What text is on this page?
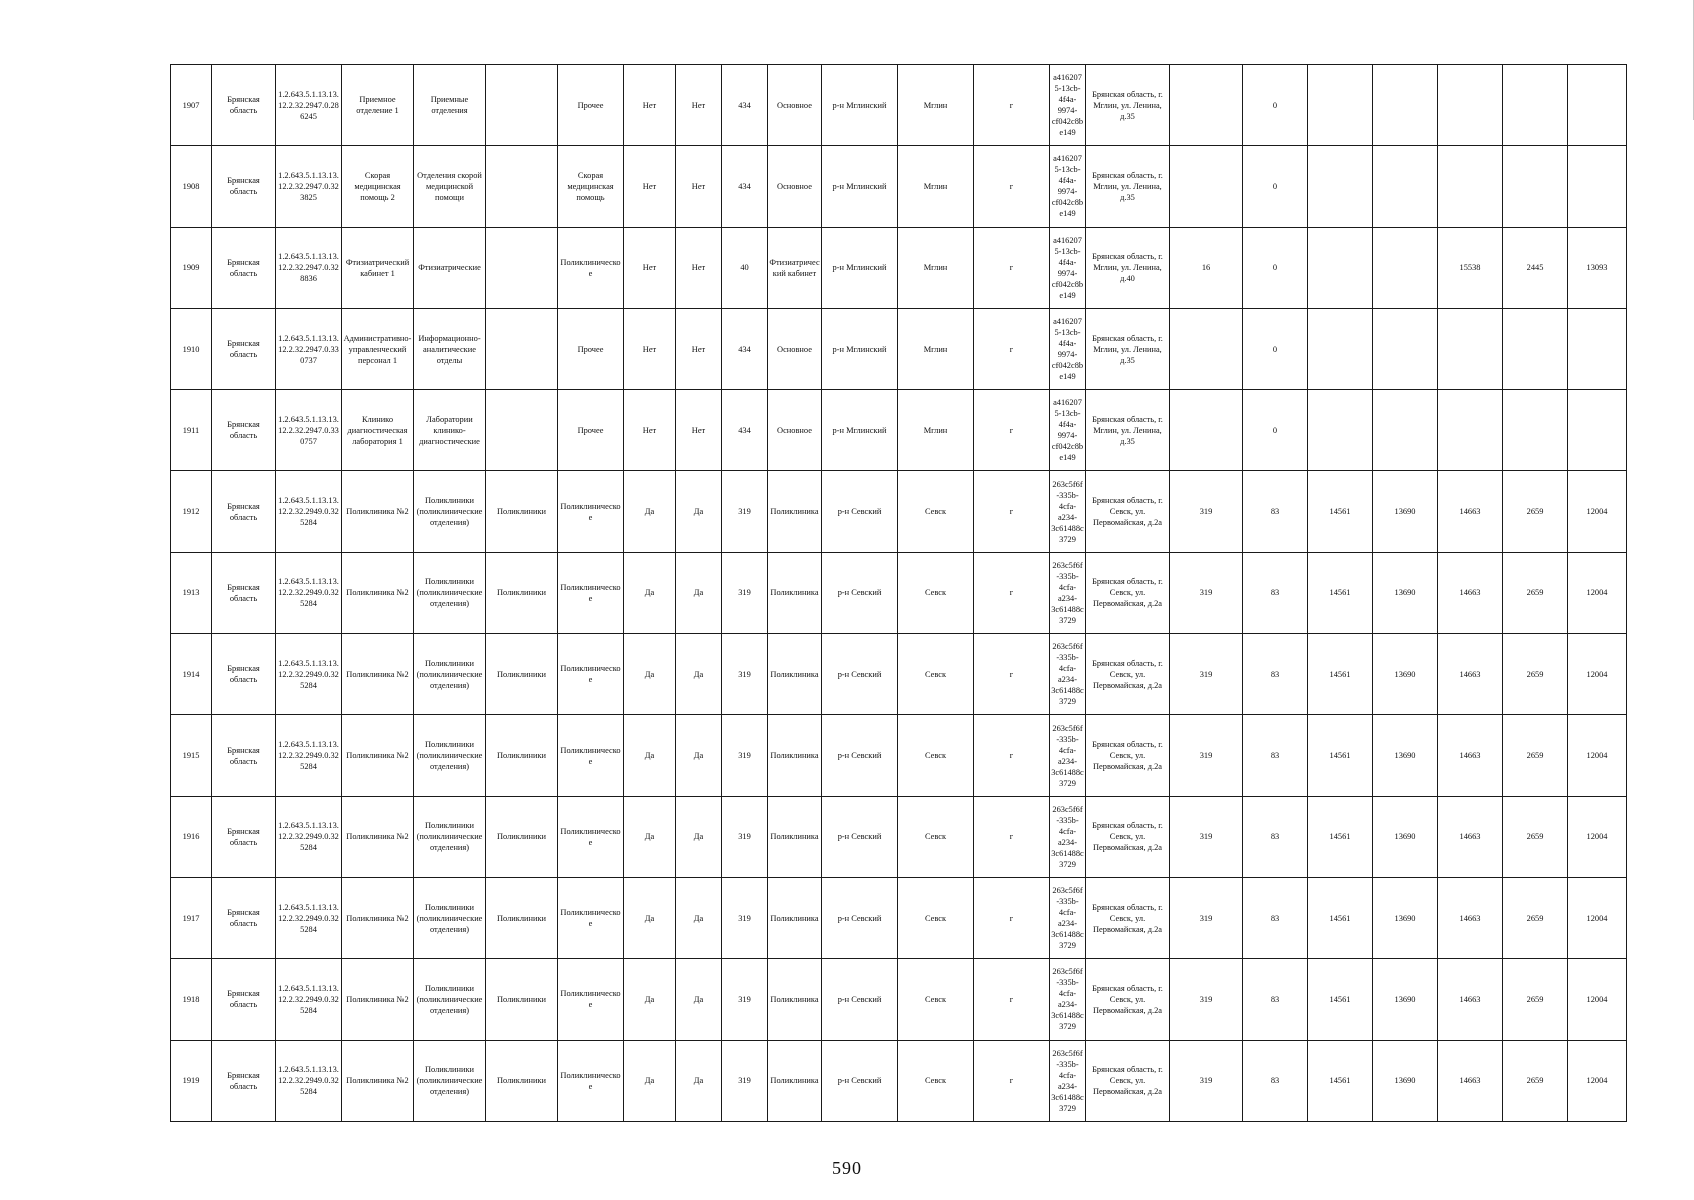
1907	Брянская область	1.2.643.5.1.13.13.12.2.32.2947.0.286245	Приемное отделение 1	Приемные отделения		Прочее	Нет	Нет	434	Основное	р-н Мглинский	Мглин	г	a4162075-13cb-4f4a-9974-cf042c8be149	Брянская область, г. Мглин, ул. Ленина, д.35		0					
1908	Брянская область	1.2.643.5.1.13.13.12.2.32.2947.0.323825	Скорая медицинская помощь 2	Отделения скорой медицинской помощи		Скорая медицинская помощь	Нет	Нет	434	Основное	р-н Мглинский	Мглин	г	a4162075-13cb-4f4a-9974-cf042c8be149	Брянская область, г. Мглин, ул. Ленина, д.35		0					
1909	Брянская область	1.2.643.5.1.13.13.12.2.32.2947.0.328836	Фтизиатрический кабинет 1	Фтизиатрические		Поликлиническое	Нет	Нет	40	Фтизиатрический кабинет	р-н Мглинский	Мглин	г	a4162075-13cb-4f4a-9974-cf042c8be149	Брянская область, г. Мглин, ул. Ленина, д.40	16	0			15538	2445	13093
1910	Брянская область	1.2.643.5.1.13.13.12.2.32.2947.0.330737	Административно-управленческий персонал 1	Информационно-аналитические отделы		Прочее	Нет	Нет	434	Основное	р-н Мглинский	Мглин	г	a4162075-13cb-4f4a-9974-cf042c8be149	Брянская область, г. Мглин, ул. Ленина, д.35		0					
1911	Брянская область	1.2.643.5.1.13.13.12.2.32.2947.0.330757	Клинико диагностическая лаборатория 1	Лаборатории клинико-диагностические		Прочее	Нет	Нет	434	Основное	р-н Мглинский	Мглин	г	a4162075-13cb-4f4a-9974-cf042c8be149	Брянская область, г. Мглин, ул. Ленина, д.35		0					
1912	Брянская область	1.2.643.5.1.13.13.12.2.32.2949.0.325284	Поликлиника №2	Поликлиники (поликлинические отделения)	Поликлиники	Поликлиническое	Да	Да	319	Поликлиника	р-н Севский	Севск	г	263c5f6f-335b-4cfa-a234-3c61488c3729	Брянская область, г. Севск, ул. Первомайская, д.2а	319	83	14561	13690	14663	2659	12004
1913	Брянская область	1.2.643.5.1.13.13.12.2.32.2949.0.325284	Поликлиника №2	Поликлиники (поликлинические отделения)	Поликлиники	Поликлиническое	Да	Да	319	Поликлиника	р-н Севский	Севск	г	263c5f6f-335b-4cfa-a234-3c61488c3729	Брянская область, г. Севск, ул. Первомайская, д.2а	319	83	14561	13690	14663	2659	12004
1914	Брянская область	1.2.643.5.1.13.13.12.2.32.2949.0.325284	Поликлиника №2	Поликлиники (поликлинические отделения)	Поликлиники	Поликлиническое	Да	Да	319	Поликлиника	р-н Севский	Севск	г	263c5f6f-335b-4cfa-a234-3c61488c3729	Брянская область, г. Севск, ул. Первомайская, д.2а	319	83	14561	13690	14663	2659	12004
1915	Брянская область	1.2.643.5.1.13.13.12.2.32.2949.0.325284	Поликлиника №2	Поликлиники (поликлинические отделения)	Поликлиники	Поликлиническое	Да	Да	319	Поликлиника	р-н Севский	Севск	г	263c5f6f-335b-4cfa-a234-3c61488c3729	Брянская область, г. Севск, ул. Первомайская, д.2а	319	83	14561	13690	14663	2659	12004
1916	Брянская область	1.2.643.5.1.13.13.12.2.32.2949.0.325284	Поликлиника №2	Поликлиники (поликлинические отделения)	Поликлиники	Поликлиническое	Да	Да	319	Поликлиника	р-н Севский	Севск	г	263c5f6f-335b-4cfa-a234-3c61488c3729	Брянская область, г. Севск, ул. Первомайская, д.2а	319	83	14561	13690	14663	2659	12004
1917	Брянская область	1.2.643.5.1.13.13.12.2.32.2949.0.325284	Поликлиника №2	Поликлиники (поликлинические отделения)	Поликлиники	Поликлиническое	Да	Да	319	Поликлиника	р-н Севский	Севск	г	263c5f6f-335b-4cfa-a234-3c61488c3729	Брянская область, г. Севск, ул. Первомайская, д.2а	319	83	14561	13690	14663	2659	12004
1918	Брянская область	1.2.643.5.1.13.13.12.2.32.2949.0.325284	Поликлиника №2	Поликлиники (поликлинические отделения)	Поликлиники	Поликлиническое	Да	Да	319	Поликлиника	р-н Севский	Севск	г	263c5f6f-335b-4cfa-a234-3c61488c3729	Брянская область, г. Севск, ул. Первомайская, д.2а	319	83	14561	13690	14663	2659	12004
1919	Брянская область	1.2.643.5.1.13.13.12.2.32.2949.0.325284	Поликлиника №2	Поликлиники (поликлинические отделения)	Поликлиники	Поликлиническое	Да	Да	319	Поликлиника	р-н Севский	Севск	г	263c5f6f-335b-4cfa-a234-3c61488c3729	Брянская область, г. Севск, ул. Первомайская, д.2а	319	83	14561	13690	14663	2659	12004
590
